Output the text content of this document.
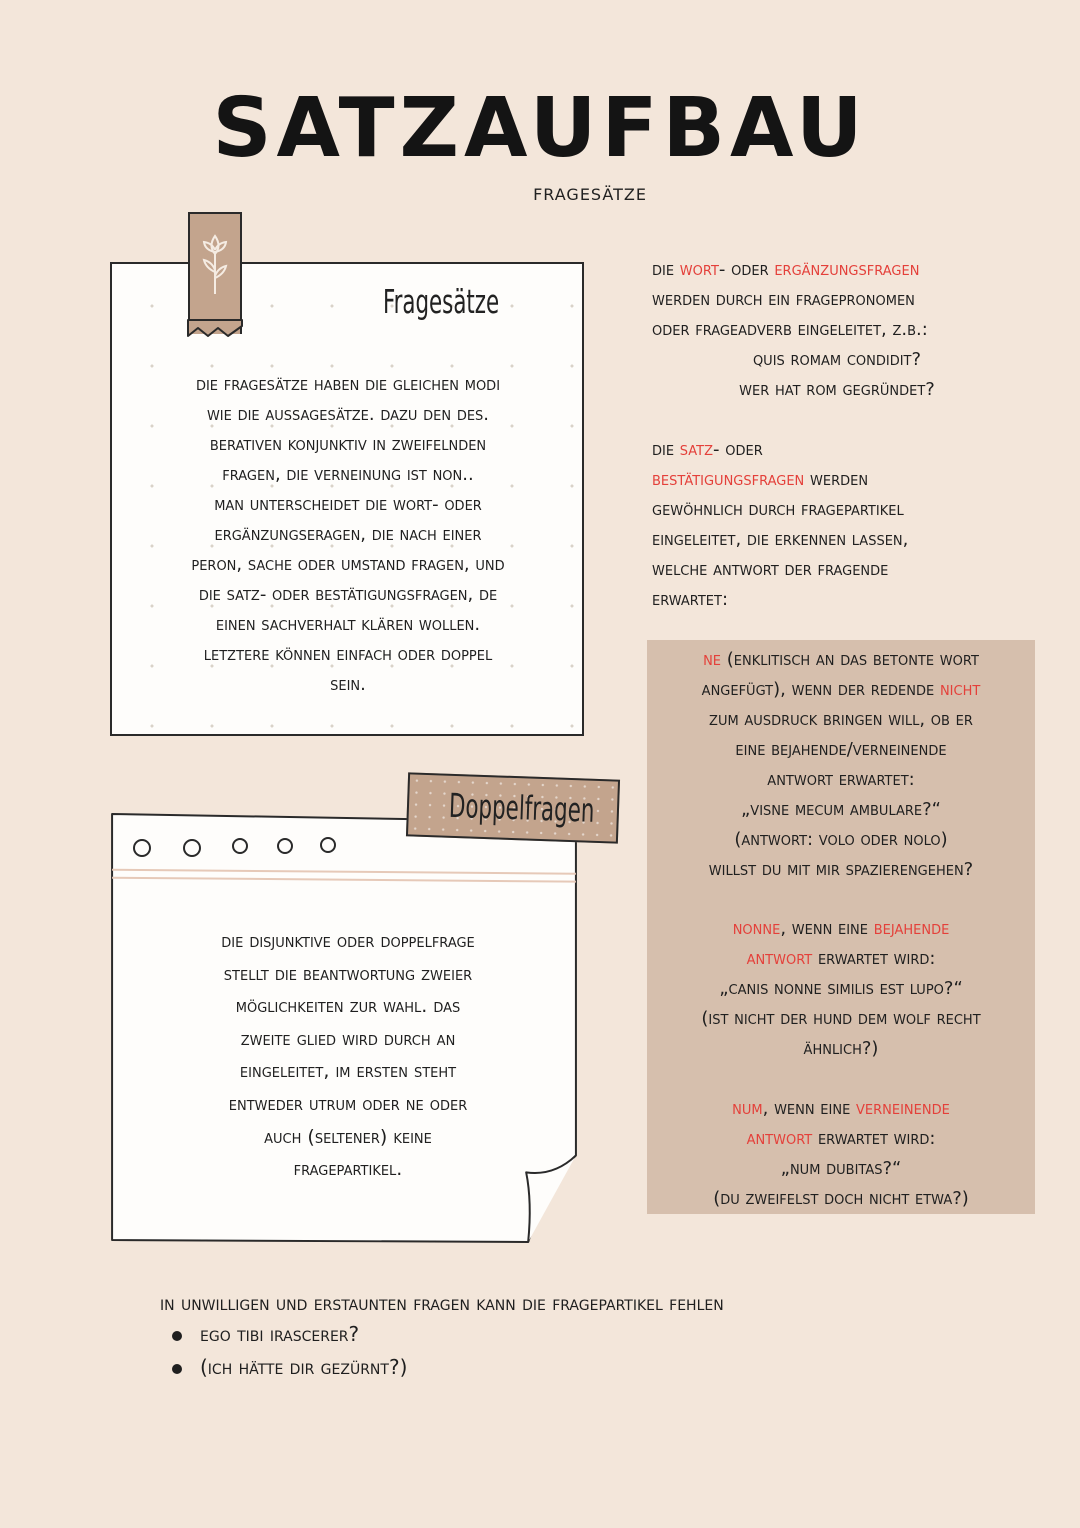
SATZAUFBAU
fragesätze
Fragesätze
die fragesätze haben die gleichen modi
wie die aussagesätze. dazu den des.
berativen konjunktiv in zweifelnden
fragen, die verneinung ist non..
man unterscheidet die wort- oder
ergänzungseragen, die nach einer
peron, sache oder umstand fragen, und
die satz- oder bestätigungsfragen, de
einen sachverhalt klären wollen.
letztere können einfach oder doppel
sein.
Doppelfragen
die disjunktive oder doppelfrage
stellt die beantwortung zweier
möglichkeiten zur wahl. das
zweite glied wird durch an
eingeleitet, im ersten steht
entweder utrum oder ne oder
auch (seltener) keine
fragepartikel.
die wort- oder ergänzungsfragen
werden durch ein fragepronomen
oder frageadverb eingeleitet, z.b.:
quis romam condidit?
wer hat rom gegründet?
die satz- oder
bestätigungsfragen werden
gewöhnlich durch fragepartikel
eingeleitet, die erkennen lassen,
welche antwort der fragende
erwartet:
ne (enklitisch an das betonte wort
angefügt), wenn der redende nicht
zum ausdruck bringen will, ob er
eine bejahende/verneinende
antwort erwartet:
„visne mecum ambulare?“
(antwort: volo oder nolo)
willst du mit mir spazierengehen?
nonne, wenn eine bejahende
antwort erwartet wird:
„canis nonne similis est lupo?“
(ist nicht der hund dem wolf recht
ähnlich?)
num, wenn eine verneinende
antwort erwartet wird:
„num dubitas?“
(du zweifelst doch nicht etwa?)
in unwilligen und erstaunten fragen kann die fragepartikel fehlen
ego tibi irascerer?
(ich hätte dir gezürnt?)
